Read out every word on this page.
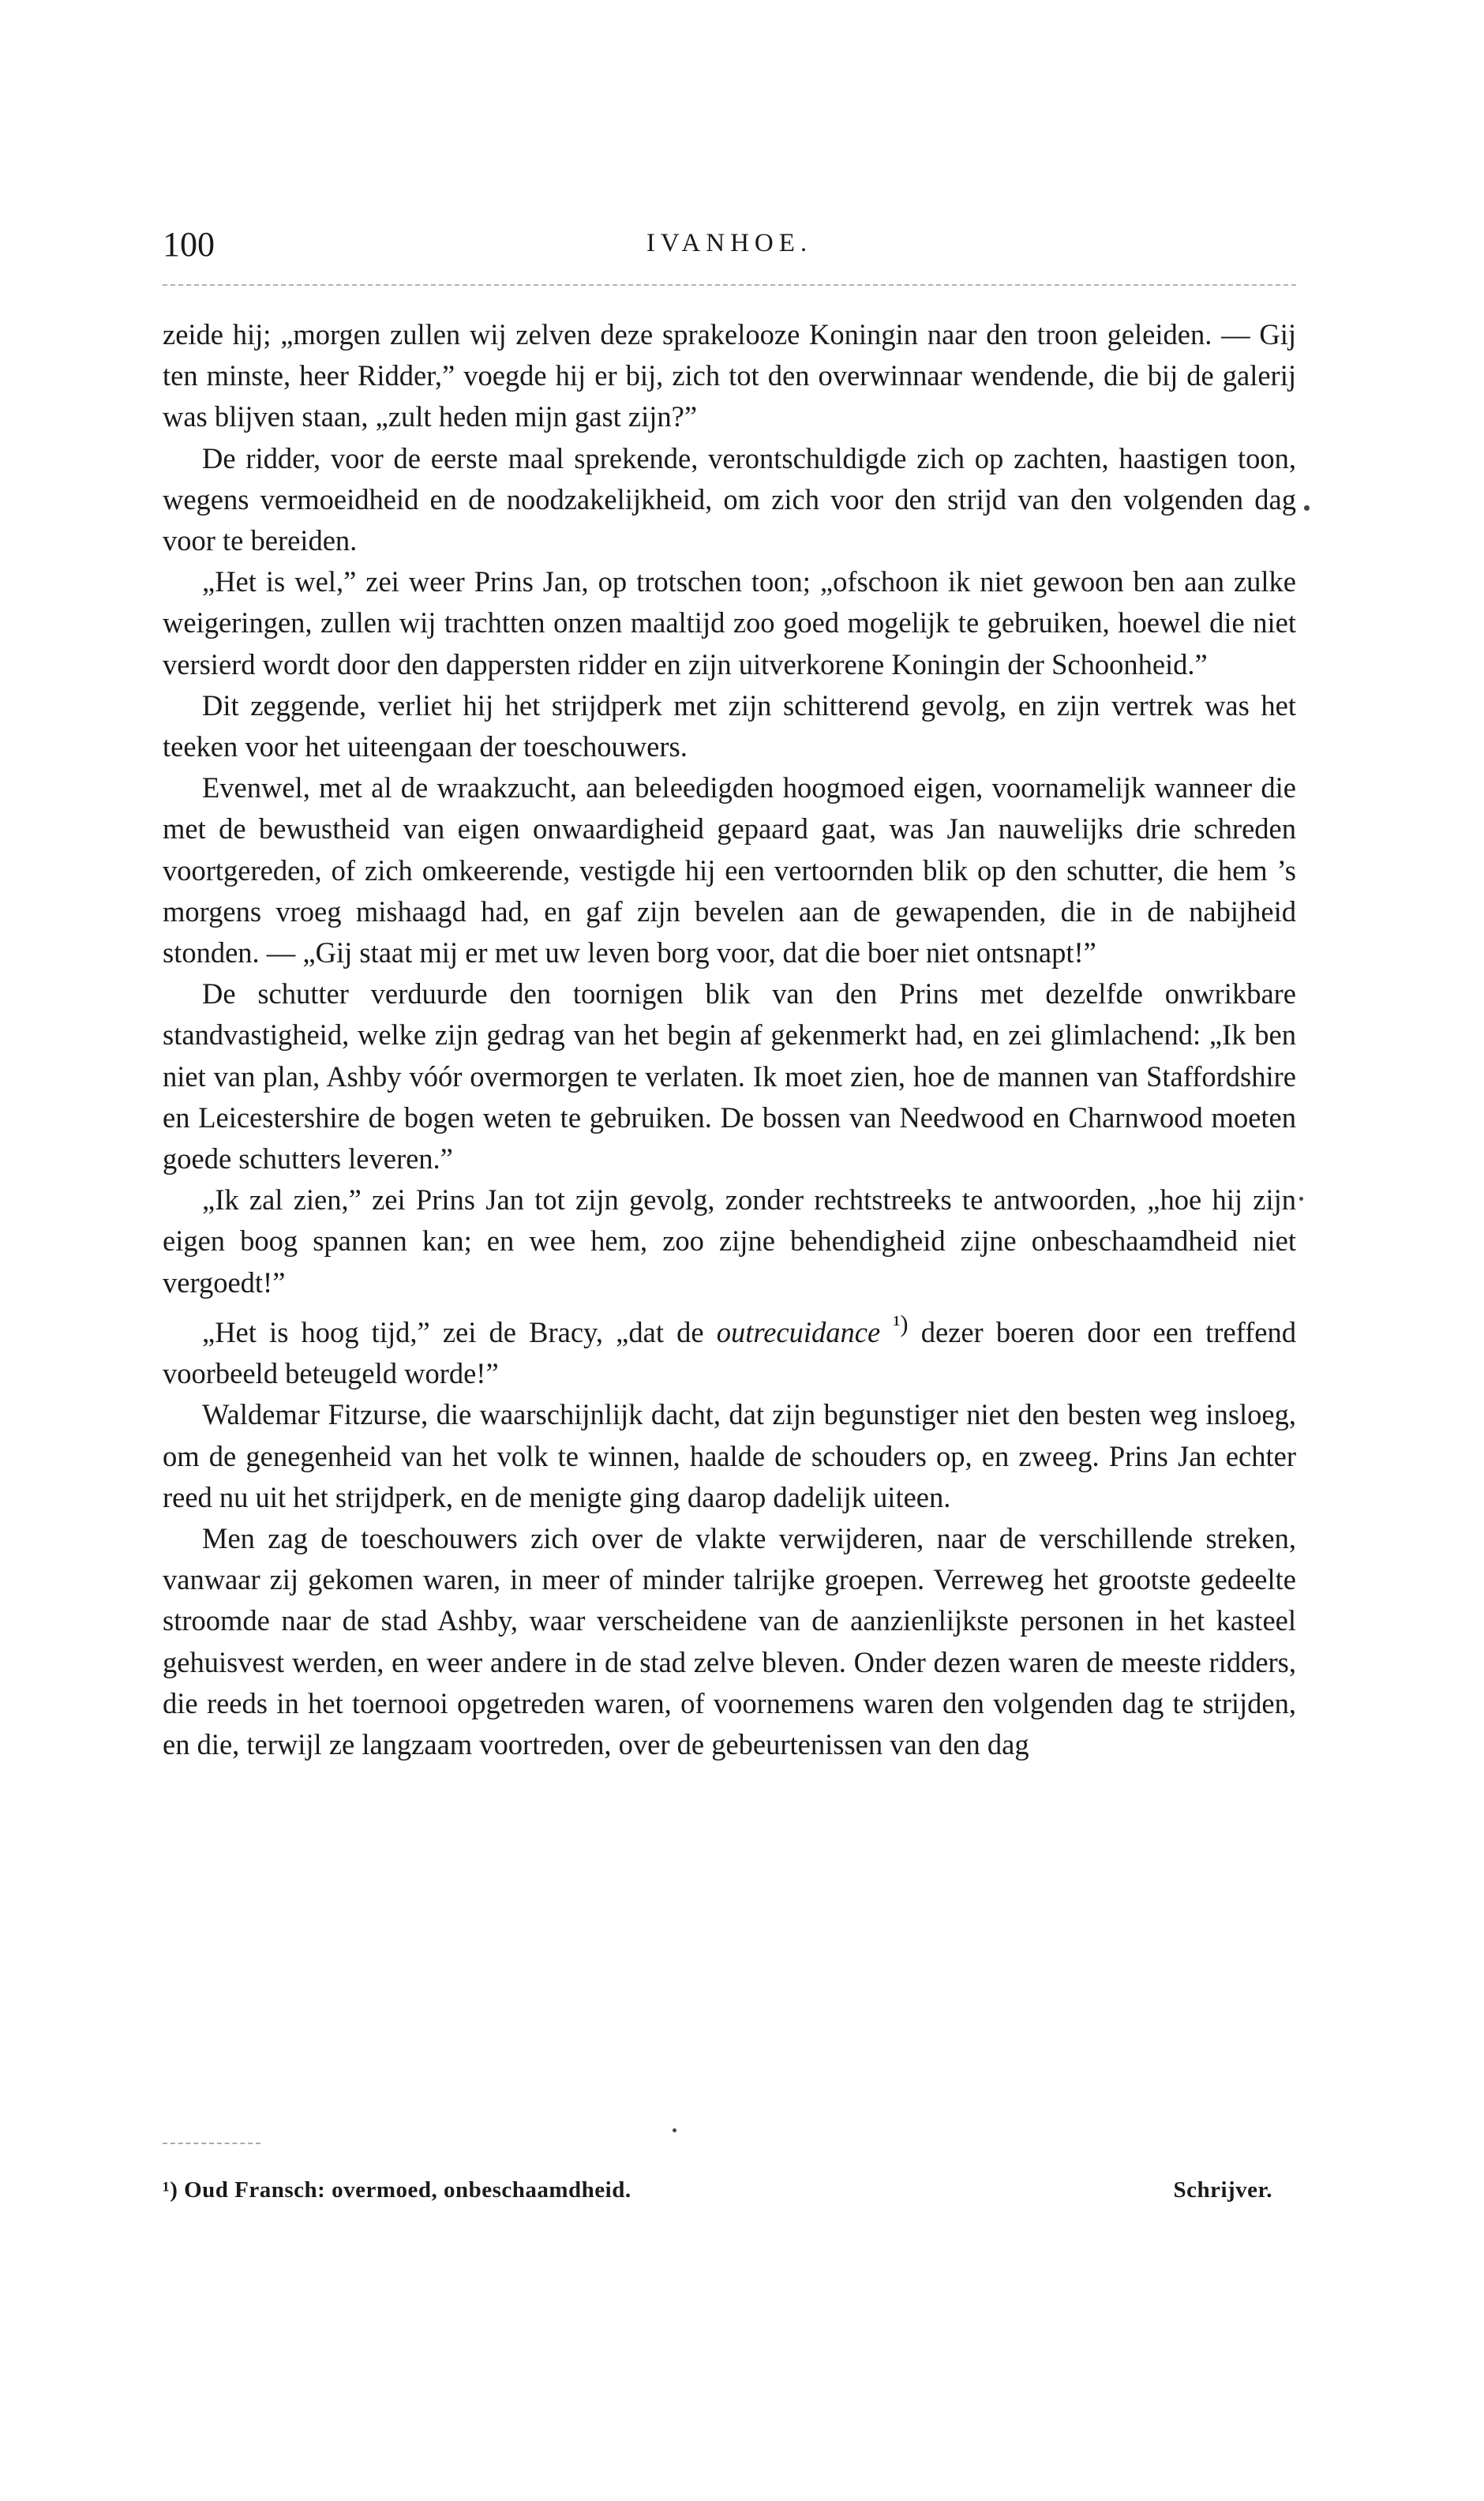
100	IVANHOE.

zeide hij; „morgen zullen wij zelven deze sprakelooze Koningin naar den troon geleiden. — Gij ten minste, heer Ridder,” voegde hij er bij, zich tot den overwinnaar wendende, die bij de galerij was blijven staan, „zult heden mijn gast zijn?”

De ridder, voor de eerste maal sprekende, verontschuldigde zich op zachten, haastigen toon, wegens vermoeidheid en de noodzakelijkheid, om zich voor den strijd van den volgenden dag voor te bereiden.

„Het is wel,” zei weer Prins Jan, op trotschen toon; „ofschoon ik niet gewoon ben aan zulke weigeringen, zullen wij trachtten onzen maaltijd zoo goed mogelijk te gebruiken, hoewel die niet versierd wordt door den dappersten ridder en zijn uitverkorene Koningin der Schoonheid.”

Dit zeggende, verliet hij het strijdperk met zijn schitterend gevolg, en zijn vertrek was het teeken voor het uiteengaan der toeschouwers.

Evenwel, met al de wraakzucht, aan beleedigden hoogmoed eigen, voornamelijk wanneer die met de bewustheid van eigen onwaardigheid gepaard gaat, was Jan nauwelijks drie schreden voortgereden, of zich omkeerende, vestigde hij een vertoornden blik op den schutter, die hem ’s morgens vroeg mishaagd had, en gaf zijn bevelen aan de gewapenden, die in de nabijheid stonden. — „Gij staat mij er met uw leven borg voor, dat die boer niet ontsnapt!”

De schutter verduurde den toornigen blik van den Prins met dezelfde onwrikbare standvastigheid, welke zijn gedrag van het begin af gekenmerkt had, en zei glimlachend: „Ik ben niet van plan, Ashby vóór overmorgen te verlaten. Ik moet zien, hoe de mannen van Staffordshire en Leicestershire de bogen weten te gebruiken. De bossen van Needwood en Charnwood moeten goede schutters leveren.”

„Ik zal zien,” zei Prins Jan tot zijn gevolg, zonder rechtstreeks te antwoorden, „hoe hij zijn eigen boog spannen kan; en wee hem, zoo zijne behendigheid zijne onbeschaamdheid niet vergoedt!”

„Het is hoog tijd,” zei de Bracy, „dat de outrecuidance $^{^1)}$ dezer boeren door een treffend voorbeeld beteugeld worde!”

Waldemar Fitzurse, die waarschijnlijk dacht, dat zijn begunstiger niet den besten weg insloeg, om de genegenheid van het volk te winnen, haalde de schouders op, en zweeg. Prins Jan echter reed nu uit het strijdperk, en de menigte ging daarop dadelijk uiteen.

Men zag de toeschouwers zich over de vlakte verwijderen, naar de verschillende streken, vanwaar zij gekomen waren, in meer of minder talrijke groepen. Verreweg het grootste gedeelte stroomde naar de stad Ashby, waar verscheidene van de aanzienlijkste personen in het kasteel gehuisvest werden, en weer andere in de stad zelve bleven. Onder dezen waren de meeste ridders, die reeds in het toernooi opgetreden waren, of voornemens waren den volgenden dag te strijden, en die, terwijl ze langzaam voortreden, over de gebeurtenissen van den dag

¹) Oud Fransch: overmoed, onbeschaamdheid.	Schrijver.
